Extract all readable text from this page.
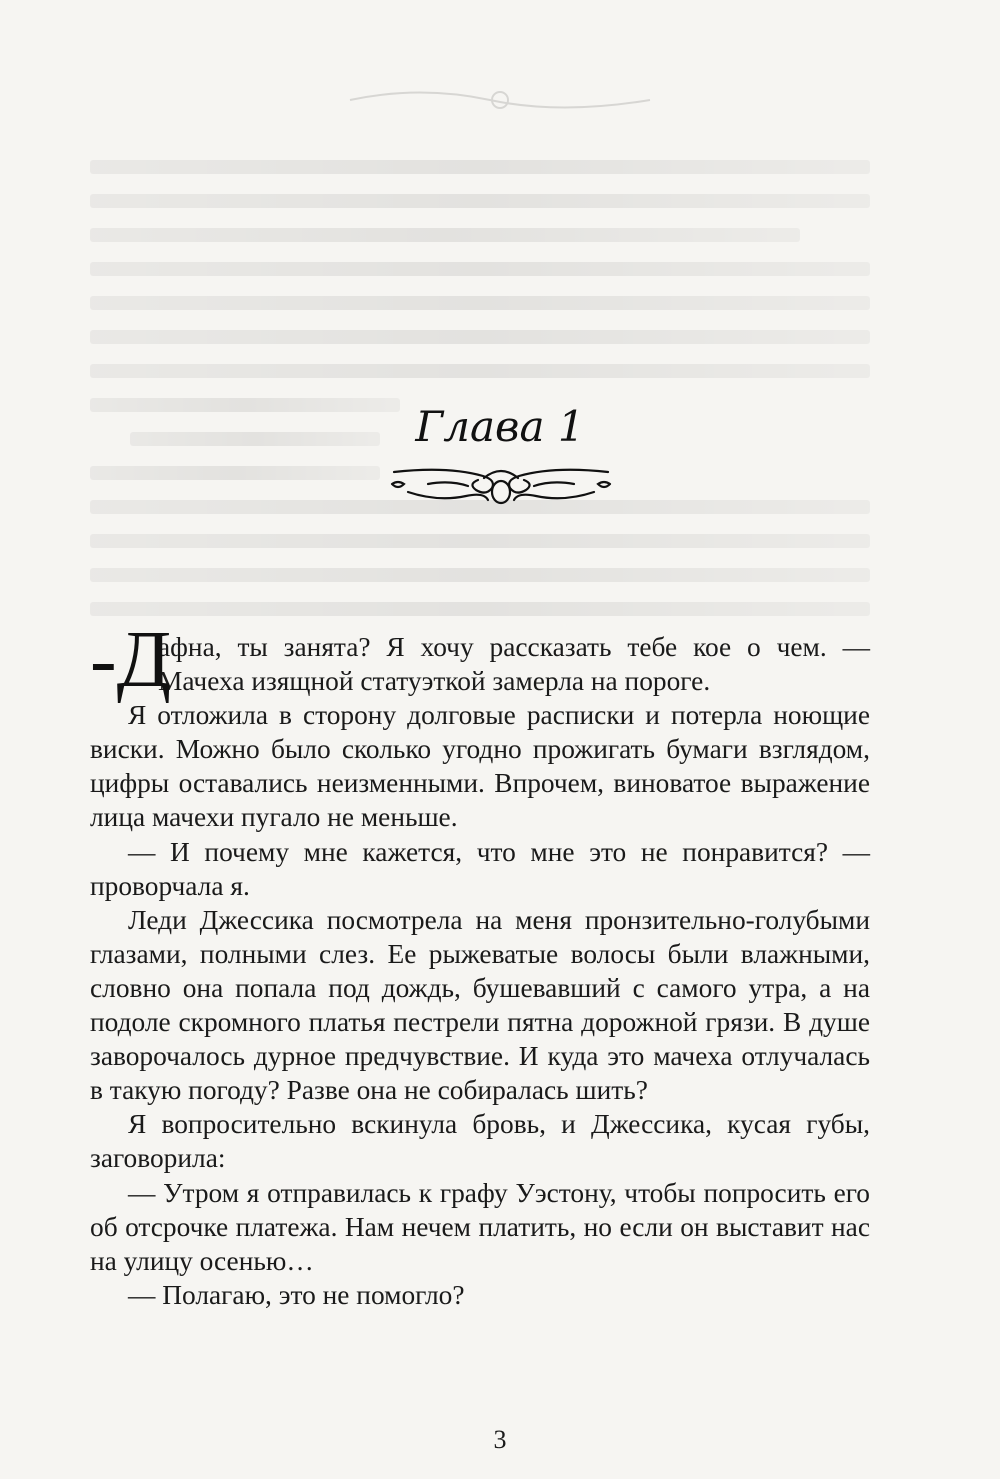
Глава 1

-Д
афна, ты занята? Я хочу рассказать тебе кое о чем. — Мачеха изящной статуэткой замерла на пороге.

Я отложила в сторону долговые расписки и потерла ноющие виски. Можно было сколько угодно прожигать бумаги взглядом, цифры оставались неизменными. Впрочем, виноватое выражение лица мачехи пугало не меньше.

— И почему мне кажется, что мне это не понравится? — проворчала я.

Леди Джессика посмотрела на меня пронзительно-голубыми глазами, полными слез. Ее рыжеватые волосы были влажными, словно она попала под дождь, бушевавший с самого утра, а на подоле скромного платья пестрели пятна дорожной грязи. В душе заворочалось дурное предчувствие. И куда это мачеха отлучалась в такую погоду? Разве она не собиралась шить?

Я вопросительно вскинула бровь, и Джессика, кусая губы, заговорила:

— Утром я отправилась к графу Уэстону, чтобы попросить его об отсрочке платежа. Нам нечем платить, но если он выставит нас на улицу осенью…

— Полагаю, это не помогло?

3
